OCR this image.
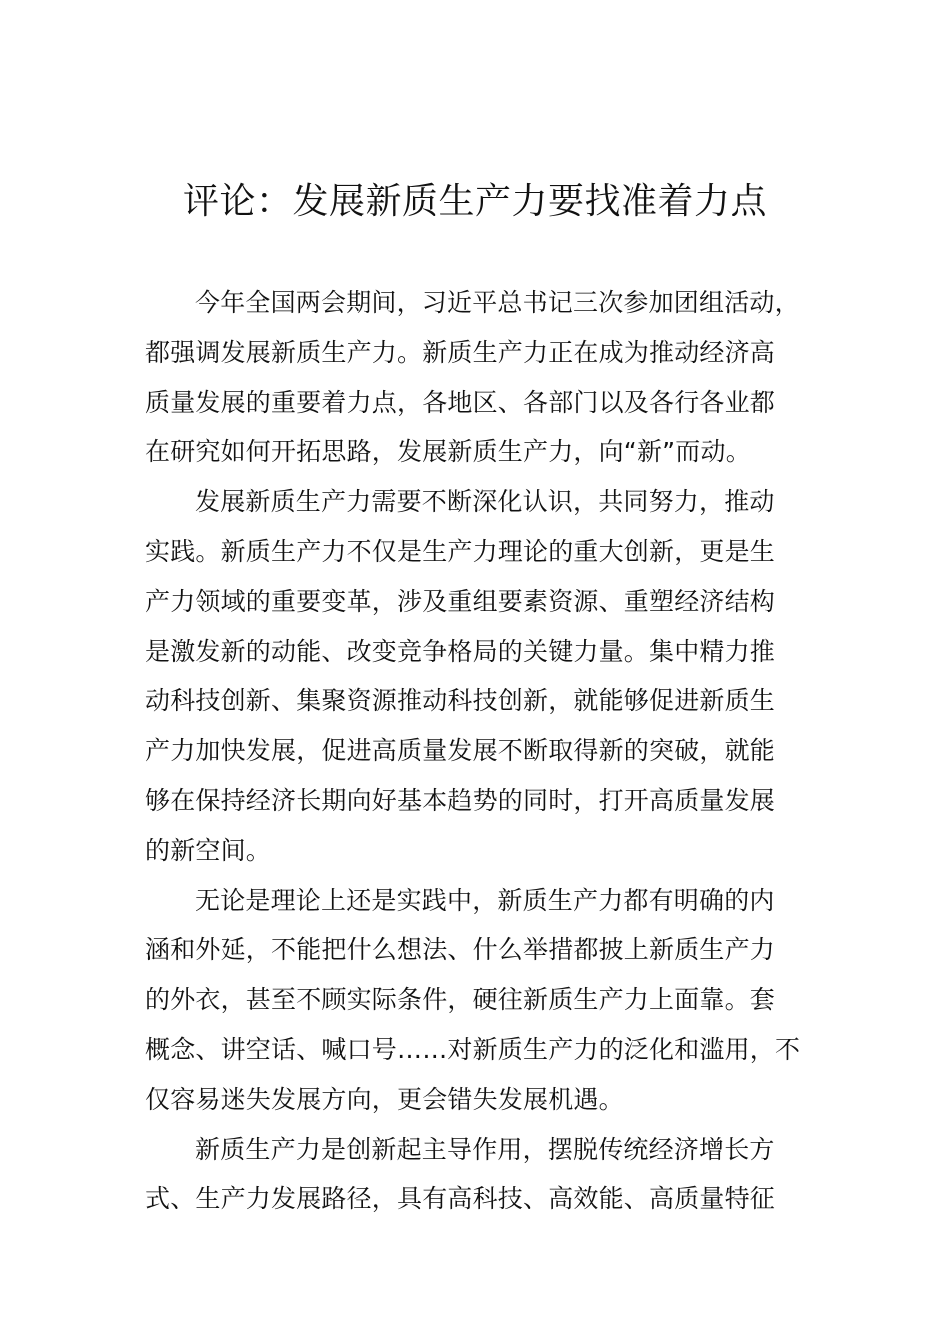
评论：发展新质生产力要找准着力点

今年全国两会期间，习近平总书记三次参加团组活动，
都强调发展新质生产力。新质生产力正在成为推动经济高
质量发展的重要着力点，各地区、各部门以及各行各业都
在研究如何开拓思路，发展新质生产力，向“新”而动。

发展新质生产力需要不断深化认识，共同努力，推动
实践。新质生产力不仅是生产力理论的重大创新，更是生
产力领域的重要变革，涉及重组要素资源、重塑经济结构
是激发新的动能、改变竞争格局的关键力量。集中精力推
动科技创新、集聚资源推动科技创新，就能够促进新质生
产力加快发展，促进高质量发展不断取得新的突破，就能
够在保持经济长期向好基本趋势的同时，打开高质量发展
的新空间。

无论是理论上还是实践中，新质生产力都有明确的内
涵和外延，不能把什么想法、什么举措都披上新质生产力
的外衣，甚至不顾实际条件，硬往新质生产力上面靠。套
概念、讲空话、喊口号……对新质生产力的泛化和滥用，不
仅容易迷失发展方向，更会错失发展机遇。

新质生产力是创新起主导作用，摆脱传统经济增长方
式、生产力发展路径，具有高科技、高效能、高质量特征
